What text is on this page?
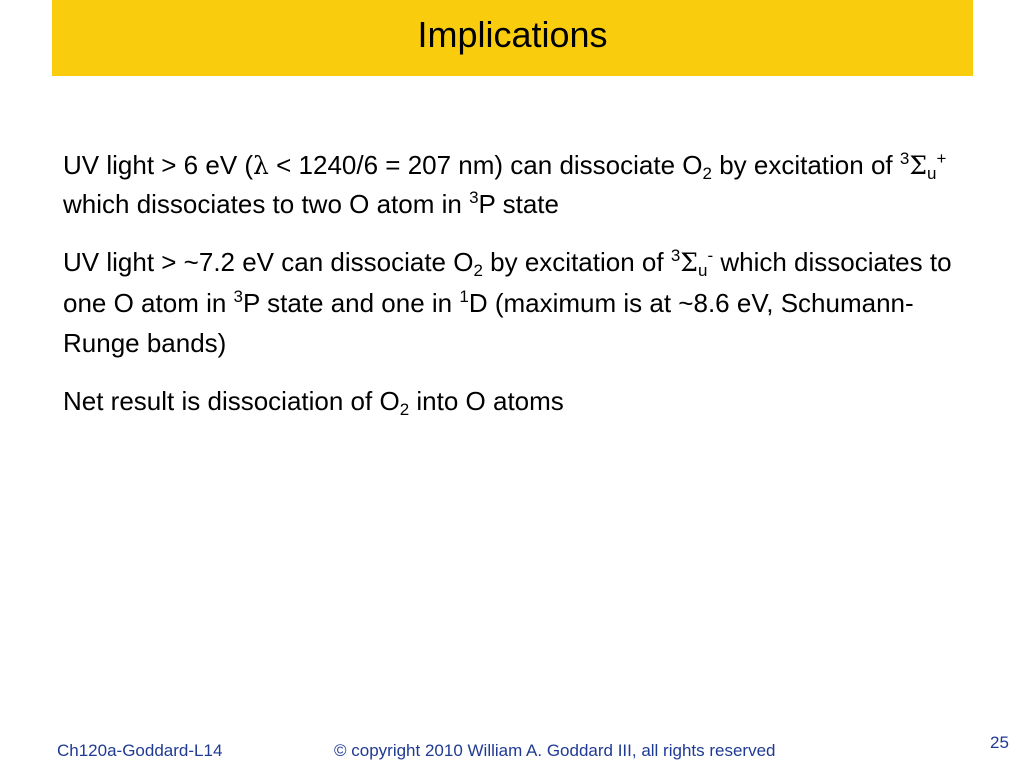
Implications

UV light > 6 eV (λ < 1240/6 = 207 nm) can dissociate $O_2$ by excitation of $^3\Sigma_u^+$ which dissociates to two O atom in $^3$P state

UV light > ~7.2 eV can dissociate $O_2$ by excitation of $^3\Sigma_u^-$ which dissociates to one O atom in $^3$P state and one in $^1$D (maximum is at ~8.6 eV, Schumann-Runge bands)

Net result is dissociation of $O_2$ into O atoms

Ch120a-Goddard-L14	© copyright 2010 William A. Goddard III, all rights reserved	25
